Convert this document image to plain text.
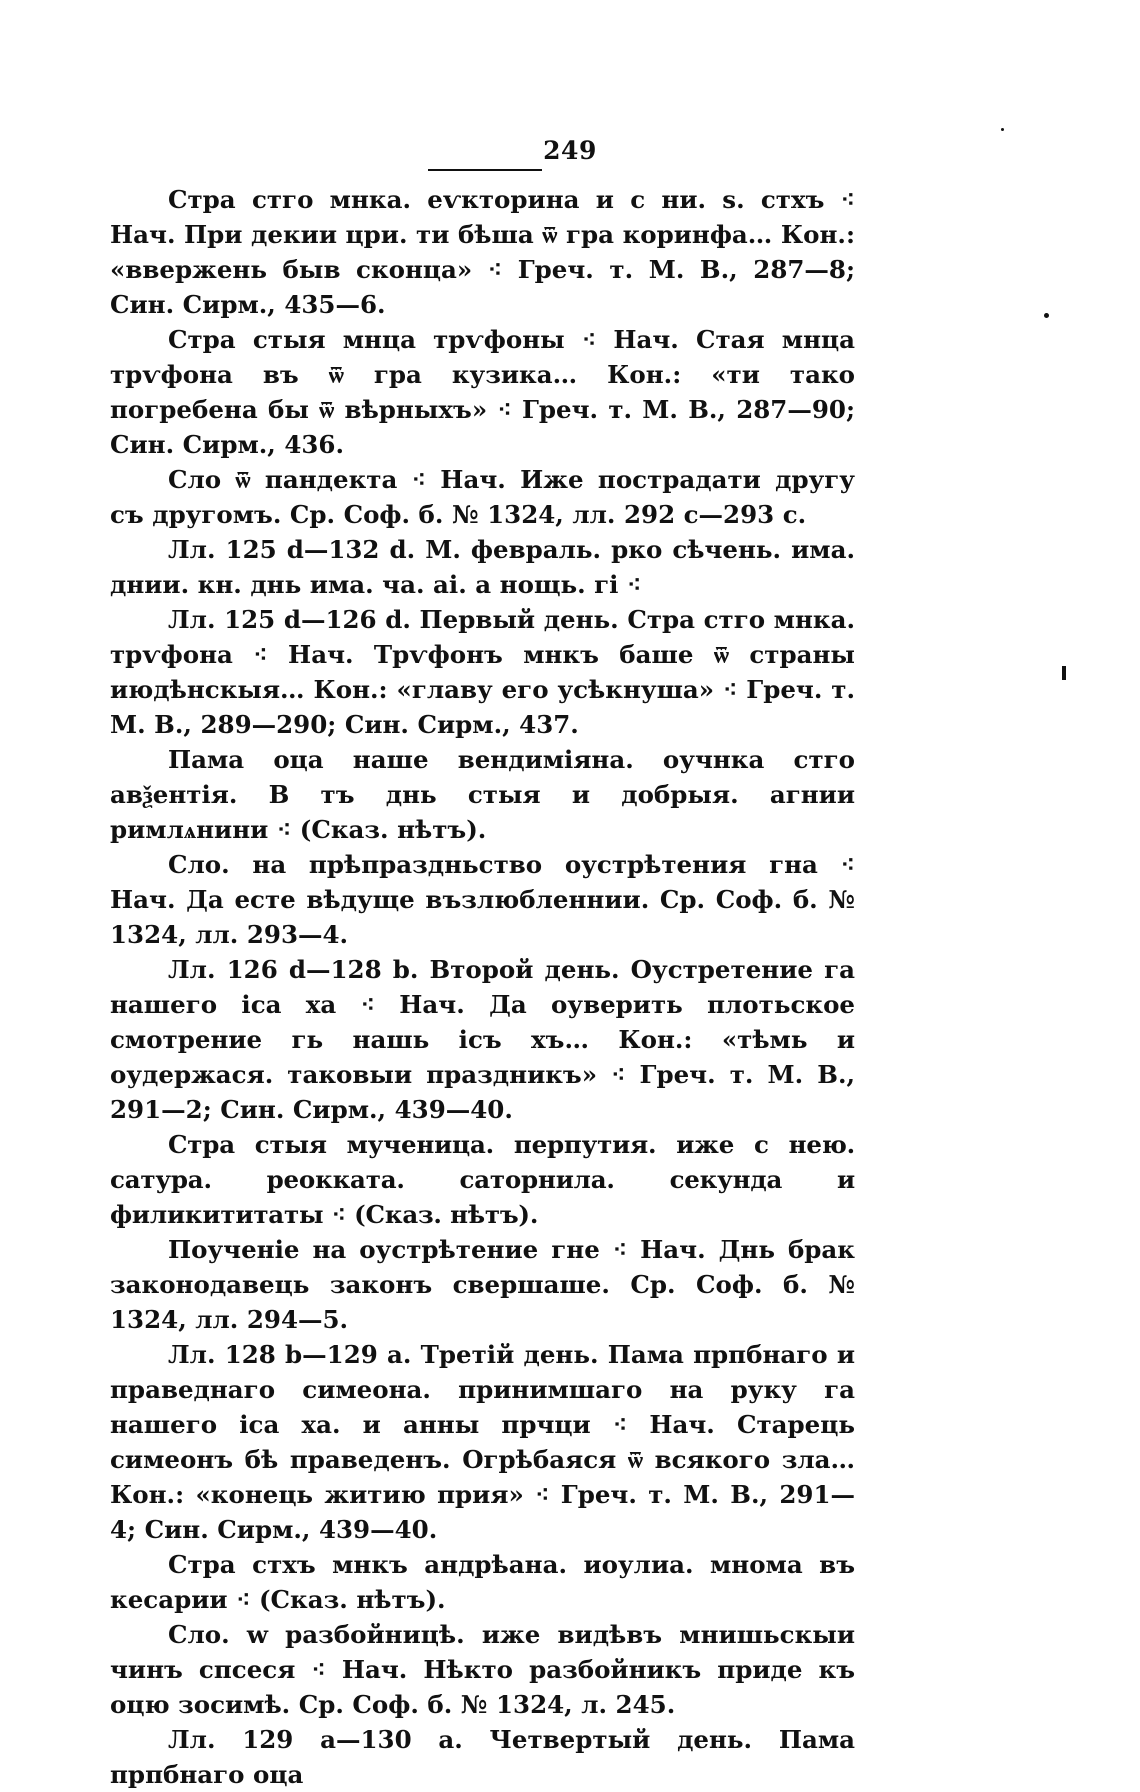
249

Стра стго мнка. еѵкторина и с ни. ѕ. стхъ ⁖ Нач. При декии цри. ти бѣша ѿ гра коринфа… Кон.: «ввержень быв сконца» ⁖ Греч. т. М. В., 287—8; Син. Сирм., 435—6.

Стра стыя мнца трѵфоны ⁖ Нач. Стая мнца трѵфона въ ѿ гра кузика… Кон.: «ти тако погребена бы ѿ вѣрныхъ» ⁖ Греч. т. М. В., 287—90; Син. Сирм., 436.

Сло ѿ пандекта ⁖ Нач. Иже пострадати другу съ другомъ. Ср. Соф. б. № 1324, лл. 292 с—293 с.

Лл. 125 d—132 d. М. февраль. рко сѣчень. има. днии. кн. днь има. ча. аі. а нощь. гі ⁖

Лл. 125 d—126 d. Первый день. Стра стго мнка. трѵфона ⁖ Нач. Трѵфонъ мнкъ баше ѿ страны июдѣнскыя… Кон.: «главу его усѣкнуша» ⁖ Греч. т. М. В., 289—290; Син. Сирм., 437.

Пама оца наше вендиміяна. оучнка стго авѯентія. В тъ днь стыя и добрыя. агнии римлѧнини ⁖ (Сказ. нѣтъ).

Сло. на прѣпраздньство оустрѣтения гна ⁖ Нач. Да есте вѣдуще възлюбленнии. Ср. Соф. б. № 1324, лл. 293—4.

Лл. 126 d—128 b. Второй день. Оустретение га нашего іса ха ⁖ Нач. Да оуверить плотьское смотрение гь нашь ісъ хъ… Кон.: «тѣмь и оудержася. таковыи праздникъ» ⁖ Греч. т. М. В., 291—2; Син. Сирм., 439—40.

Стра стыя мученица. перпутия. иже с нею. сатура. реокката. саторнила. секунда и филикититаты ⁖ (Сказ. нѣтъ).

Поученіе на оустрѣтение гне ⁖ Нач. Днь брак законодавець законъ свершаше. Ср. Соф. б. № 1324, лл. 294—5.

Лл. 128 b—129 а. Третій день. Пама прпбнаго и праведнаго симеона. принимшаго на руку га нашего іса ха. и анны прчци ⁖ Нач. Старець симеонъ бѣ праведенъ. Огрѣбаяся ѿ всякого зла… Кон.: «конець житию прия» ⁖ Греч. т. М. В., 291—4; Син. Сирм., 439—40.

Стра стхъ мнкъ андрѣана. иоулиа. мнома въ кесарии ⁖ (Сказ. нѣтъ).

Сло. w разбойницѣ. иже видѣвъ мнишьскыи чинъ спсеся ⁖ Нач. Нѣкто разбойникъ приде къ оцю зосимѣ. Ср. Соф. б. № 1324, л. 245.

Лл. 129 а—130 а. Четвертый день. Пама прпбнаго оца
